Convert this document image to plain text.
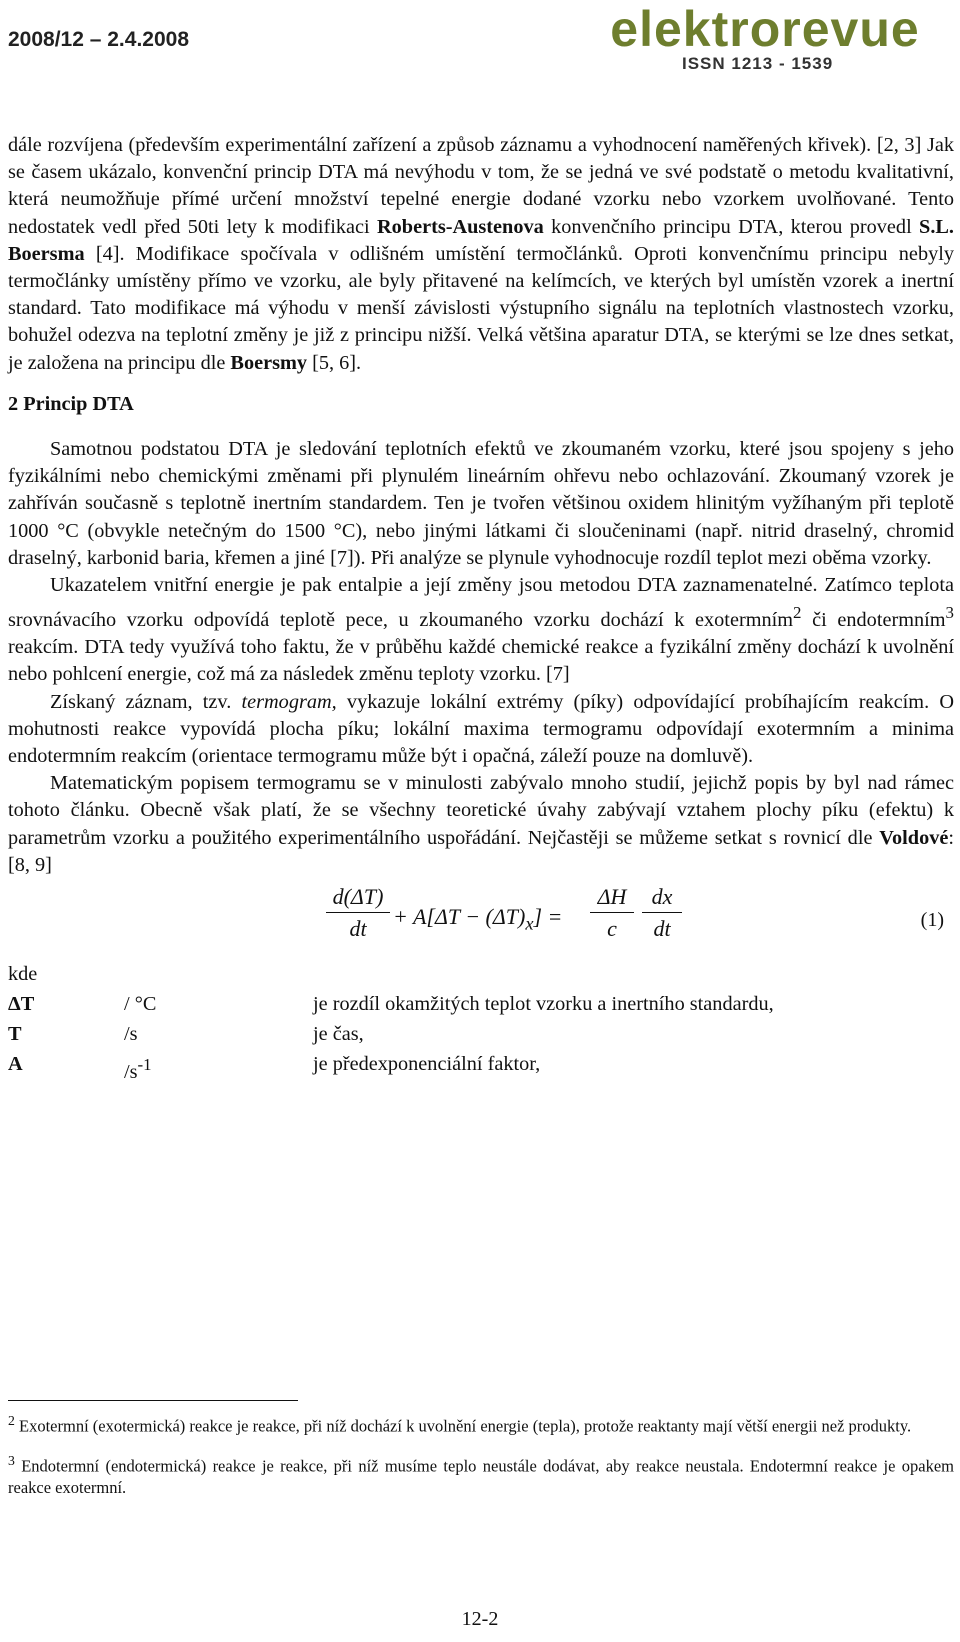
2008/12 – 2.4.2008	elektrorevue
ISSN 1213 - 1539

dále rozvíjena (především experimentální zařízení a způsob záznamu a vyhodnocení naměřených křivek). [2, 3] Jak se časem ukázalo, konvenční princip DTA má nevýhodu v tom, že se jedná ve své podstatě o metodu kvalitativní, která neumožňuje přímé určení množství tepelné energie dodané vzorku nebo vzorkem uvolňované. Tento nedostatek vedl před 50ti lety k modifikaci Roberts-Austenova konvenčního principu DTA, kterou provedl S.L. Boersma [4]. Modifikace spočívala v odlišném umístění termočlánků. Oproti konvenčnímu principu nebyly termočlánky umístěny přímo ve vzorku, ale byly přitavené na kelímcích, ve kterých byl umístěn vzorek a inertní standard. Tato modifikace má výhodu v menší závislosti výstupního signálu na teplotních vlastnostech vzorku, bohužel odezva na teplotní změny je již z principu nižší. Velká většina aparatur DTA, se kterými se lze dnes setkat, je založena na principu dle Boersmy [5, 6].

2 Princip DTA

Samotnou podstatou DTA je sledování teplotních efektů ve zkoumaném vzorku, které jsou spojeny s jeho fyzikálními nebo chemickými změnami při plynulém lineárním ohřevu nebo ochlazování. Zkoumaný vzorek je zahříván současně s teplotně inertním standardem. Ten je tvořen většinou oxidem hlinitým vyžíhaným při teplotě 1000 °C (obvykle netečným do 1500 °C), nebo jinými látkami či sloučeninami (např. nitrid draselný, chromid draselný, karbonid baria, křemen a jiné [7]). Při analýze se plynule vyhodnocuje rozdíl teplot mezi oběma vzorky.

Ukazatelem vnitřní energie je pak entalpie a její změny jsou metodou DTA zaznamenatelné. Zatímco teplota srovnávacího vzorku odpovídá teplotě pece, u zkoumaného vzorku dochází k exotermním$^2$ či endotermním$^3$ reakcím. DTA tedy využívá toho faktu, že v průběhu každé chemické reakce a fyzikální změny dochází k uvolnění nebo pohlcení energie, což má za následek změnu teploty vzorku. [7]

Získaný záznam, tzv. termogram, vykazuje lokální extrémy (píky) odpovídající probíhajícím reakcím. O mohutnosti reakce vypovídá plocha píku; lokální maxima termogramu odpovídají exotermním a minima endotermním reakcím (orientace termogramu může být i opačná, záleží pouze na domluvě).

Matematickým popisem termogramu se v minulosti zabývalo mnoho studií, jejichž popis by byl nad rámec tohoto článku. Obecně však platí, že se všechny teoretické úvahy zabývají vztahem plochy píku (efektu) k parametrům vzorku a použitého experimentálního uspořádání. Nejčastěji se můžeme setkat s rovnicí dle Voldové: [8, 9]

d(ΔT)
dt	+ $A[\Delta T - (\Delta T)_x]$ =
ΔH
c
dx
dt	(1)
kde
ΔT	/ °C	je rozdíl okamžitých teplot vzorku a inertního standardu,
T	/s	je čas,
A	$/s^{-1}$	je předexponenciální faktor,

$^2$ Exotermní (exotermická) reakce je reakce, při níž dochází k uvolnění energie (tepla), protože reaktanty mají větší energii než produkty.

$^3$ Endotermní (endotermická) reakce je reakce, při níž musíme teplo neustále dodávat, aby reakce neustala. Endotermní reakce je opakem reakce exotermní.

12-2
